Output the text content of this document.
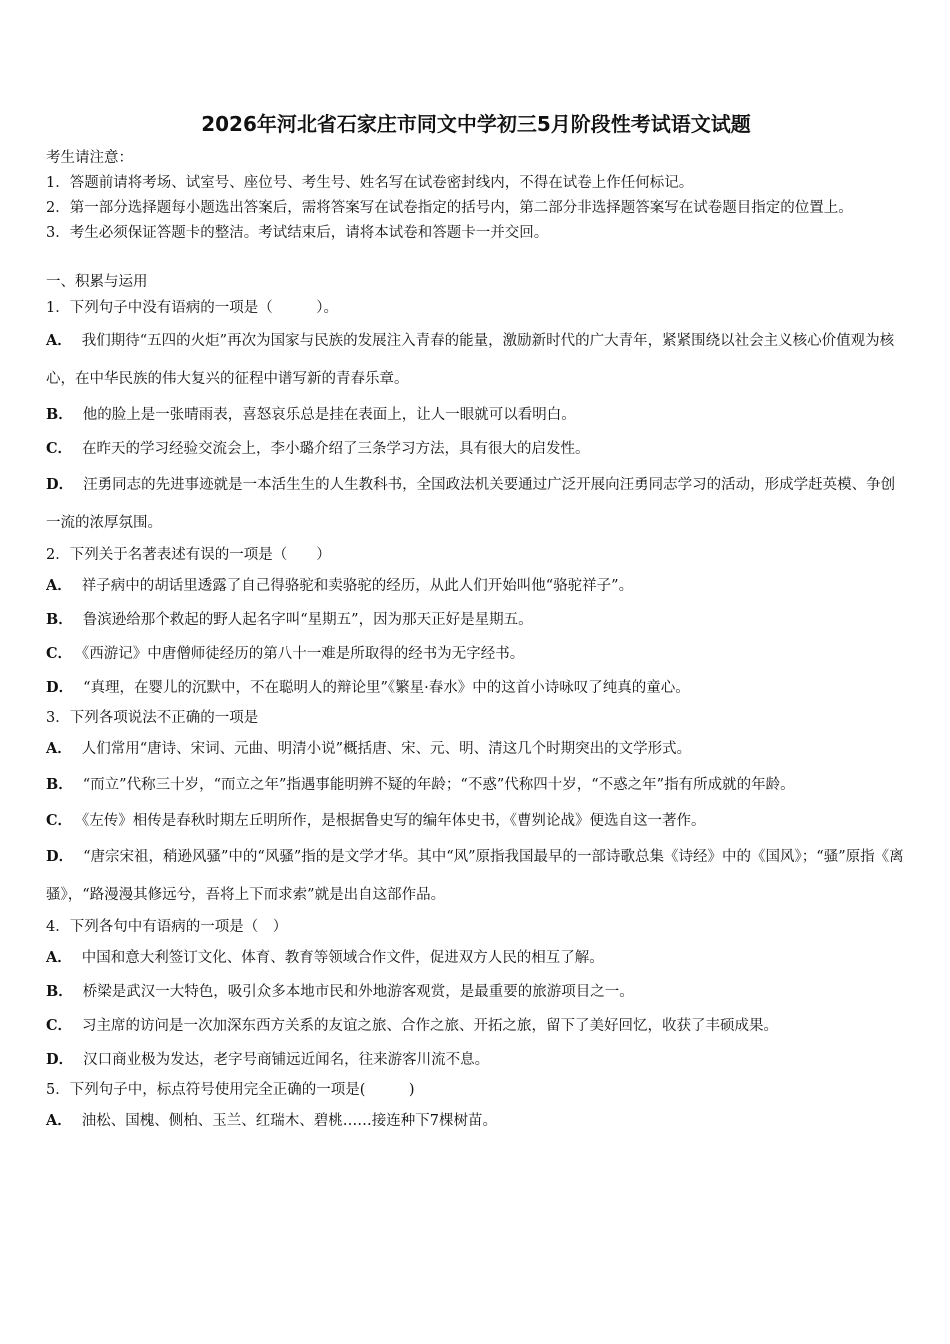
2026年河北省石家庄市同文中学初三5月阶段性考试语文试题

考生请注意：

1．答题前请将考场、试室号、座位号、考生号、姓名写在试卷密封线内，不得在试卷上作任何标记。

2．第一部分选择题每小题选出答案后，需将答案写在试卷指定的括号内，第二部分非选择题答案写在试卷题目指定的位置上。

3．考生必须保证答题卡的整洁。考试结束后，请将本试卷和答题卡一并交回。

一、积累与运用

1．下列句子中没有语病的一项是（　　　）。

A． 我们期待“五四的火炬”再次为国家与民族的发展注入青春的能量，激励新时代的广大青年，紧紧围绕以社会主义核心价值观为核心，在中华民族的伟大复兴的征程中谱写新的青春乐章。

B． 他的脸上是一张晴雨表，喜怒哀乐总是挂在表面上，让人一眼就可以看明白。

C． 在昨天的学习经验交流会上，李小璐介绍了三条学习方法，具有很大的启发性。

D． 汪勇同志的先进事迹就是一本活生生的人生教科书，全国政法机关要通过广泛开展向汪勇同志学习的活动，形成学赶英模、争创一流的浓厚氛围。

2．下列关于名著表述有误的一项是（　　）

A． 祥子病中的胡话里透露了自己得骆驼和卖骆驼的经历，从此人们开始叫他“骆驼祥子”。

B． 鲁滨逊给那个救起的野人起名字叫“星期五”，因为那天正好是星期五。

C． 《西游记》中唐僧师徒经历的第八十一难是所取得的经书为无字经书。

D． “真理，在婴儿的沉默中，不在聪明人的辩论里”《繁星·春水》中的这首小诗咏叹了纯真的童心。

3．下列各项说法不正确的一项是

A． 人们常用“唐诗、宋词、元曲、明清小说”概括唐、宋、元、明、清这几个时期突出的文学形式。

B． “而立”代称三十岁，“而立之年”指遇事能明辨不疑的年龄；“不惑”代称四十岁，“不惑之年”指有所成就的年龄。

C． 《左传》相传是春秋时期左丘明所作，是根据鲁史写的编年体史书，《曹刿论战》便选自这一著作。

D． “唐宗宋祖，稍逊风骚”中的“风骚”指的是文学才华。其中“风”原指我国最早的一部诗歌总集《诗经》中的《国风》；“骚”原指《离骚》，“路漫漫其修远兮，吾将上下而求索”就是出自这部作品。

4．下列各句中有语病的一项是（　）

A． 中国和意大利签订文化、体育、教育等领域合作文件，促进双方人民的相互了解。

B． 桥梁是武汉一大特色，吸引众多本地市民和外地游客观赏，是最重要的旅游项目之一。

C． 习主席的访问是一次加深东西方关系的友谊之旅、合作之旅、开拓之旅，留下了美好回忆，收获了丰硕成果。

D． 汉口商业极为发达，老字号商铺远近闻名，往来游客川流不息。

5．下列句子中，标点符号使用完全正确的一项是(　　　)

A． 油松、国槐、侧柏、玉兰、红瑞木、碧桃……接连种下7棵树苗。
